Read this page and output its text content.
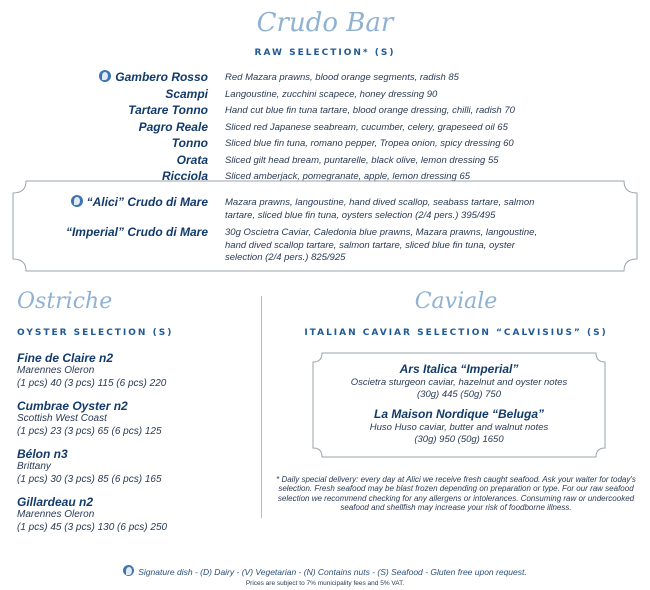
Crudo Bar
RAW SELECTION* (S)
Gambero Rosso Red Mazara prawns, blood orange segments, radish 85
Scampi Langoustine, zucchini scapece, honey dressing 90
Tartare Tonno Hand cut blue fin tuna tartare, blood orange dressing, chilli, radish 70
Pagro Reale Sliced red Japanese seabream, cucumber, celery, grapeseed oil 65
Tonno Sliced blue fin tuna, romano pepper, Tropea onion, spicy dressing 60
Orata Sliced gilt head bream, puntarelle, black olive, lemon dressing 55
Ricciola Sliced amberjack, pomegranate, apple, lemon dressing 65
“Alici” Crudo di Mare Mazara prawns, langoustine, hand dived scallop, seabass tartare, salmon tartare, sliced blue fin tuna, oysters selection (2/4 pers.) 395/495
“Imperial” Crudo di Mare 30g Oscietra Caviar, Caledonia blue prawns, Mazara prawns, langoustine, hand dived scallop tartare, salmon tartare, sliced blue fin tuna, oyster selection (2/4 pers.) 825/925
Ostriche
OYSTER SELECTION (S)
Fine de Claire n2
Marennes Oleron
(1 pcs) 40 (3 pcs) 115 (6 pcs) 220
Cumbrae Oyster n2
Scottish West Coast
(1 pcs) 23 (3 pcs) 65 (6 pcs) 125
Bélon n3
Brittany
(1 pcs) 30 (3 pcs) 85 (6 pcs) 165
Gillardeau n2
Marennes Oleron
(1 pcs) 45 (3 pcs) 130 (6 pcs) 250
Caviale
ITALIAN CAVIAR SELECTION “CALVISIUS” (S)
Ars Italica “Imperial”
Oscietra sturgeon caviar, hazelnut and oyster notes
(30g) 445 (50g) 750
La Maison Nordique “Beluga”
Huso Huso caviar, butter and walnut notes
(30g) 950 (50g) 1650
* Daily special delivery: every day at Alici we receive fresh caught seafood. Ask your waiter for today's selection. Fresh seafood may be blast frozen depending on preparation or type. For our raw seafood selection we recommend checking for any allergens or intolerances. Consuming raw or undercooked seafood and shellfish may increase your risk of foodborne illness.
Signature dish - (D) Dairy - (V) Vegetarian - (N) Contains nuts - (S) Seafood - Gluten free upon request.
Prices are subject to 7% municipality fees and 5% VAT.
